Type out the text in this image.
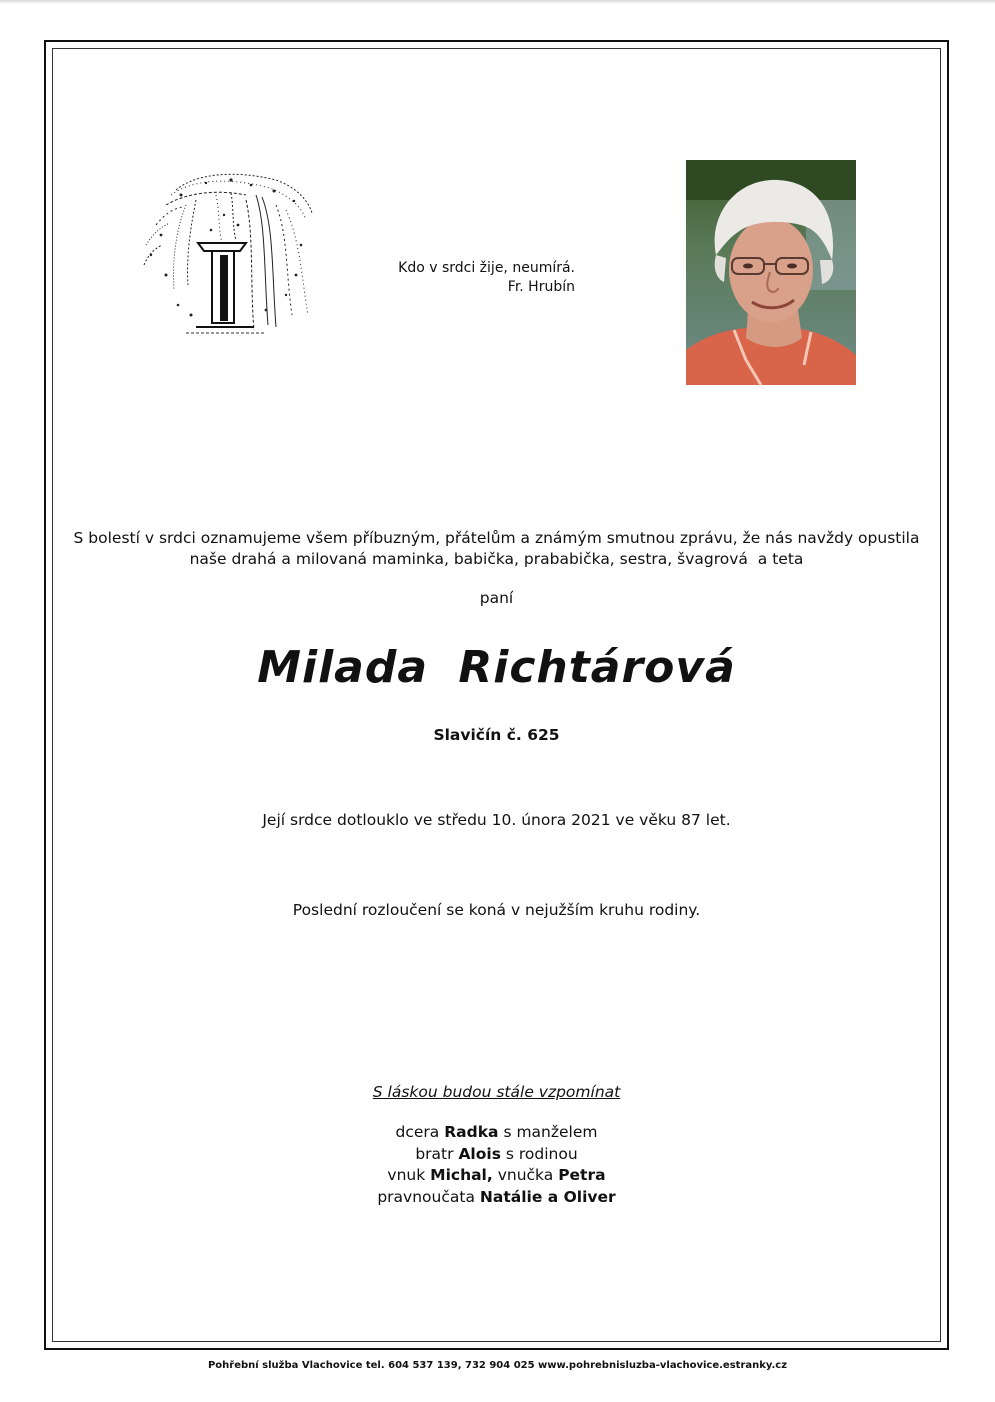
Kdo v srdci žije, neumírá.
Fr. Hrubín
S bolestí v srdci oznamujeme všem příbuzným, přátelům a známým smutnou zprávu, že nás navždy opustila
naše drahá a milovaná maminka, babička, prababička, sestra, švagrová  a teta
paní
Milada Richtárová
Slavičín č. 625
Její srdce dotlouklo ve středu 10. února 2021 ve věku 87 let.
Poslední rozloučení se koná v nejužším kruhu rodiny.
S láskou budou stále vzpomínat
dcera Radka s manželem
bratr Alois s rodinou
vnuk Michal, vnučka Petra
pravnoučata Natálie a Oliver
Pohřební služba Vlachovice tel. 604 537 139, 732 904 025 www.pohrebnisluzba-vlachovice.estranky.cz
